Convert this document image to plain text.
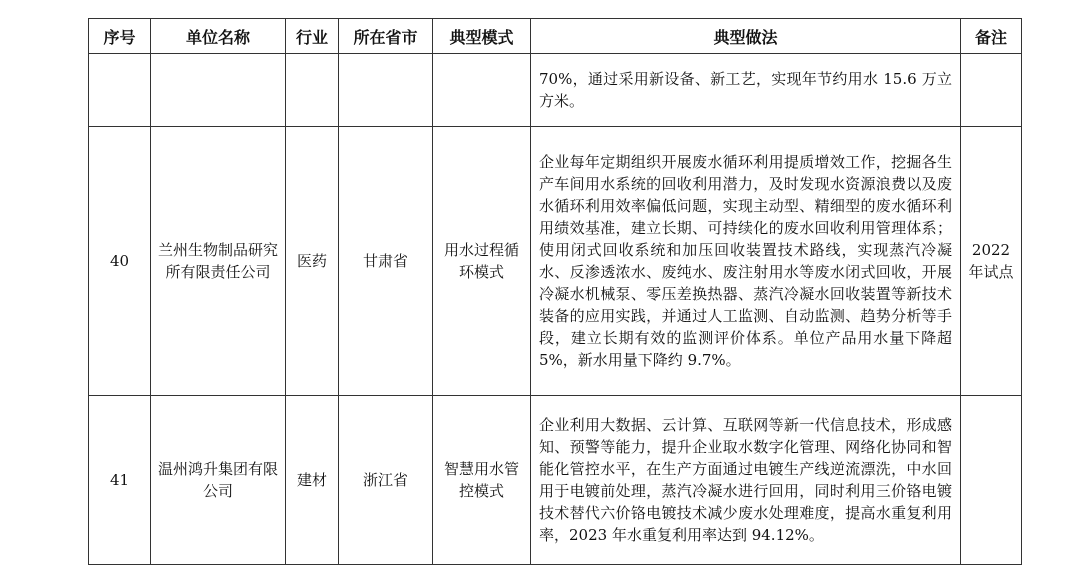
序号	单位名称	行业	所在省市	典型模式	典型做法	备注
					70%，通过采用新设备、新工艺，实现年节约用水 15.6 万立方米。	
40	兰州生物制品研究所有限责任公司	医药	甘肃省	用水过程循环模式	企业每年定期组织开展废水循环利用提质增效工作，挖掘各生产车间用水系统的回收利用潜力，及时发现水资源浪费以及废水循环利用效率偏低问题，实现主动型、精细型的废水循环利用绩效基准，建立长期、可持续化的废水回收利用管理体系；使用闭式回收系统和加压回收装置技术路线，实现蒸汽冷凝水、反渗透浓水、废纯水、废注射用水等废水闭式回收，开展冷凝水机械泵、零压差换热器、蒸汽冷凝水回收装置等新技术装备的应用实践，并通过人工监测、自动监测、趋势分析等手段，建立长期有效的监测评价体系。单位产品用水量下降超 5%，新水用量下降约 9.7%。	2022 年试点
41	温州鸿升集团有限公司	建材	浙江省	智慧用水管控模式	企业利用大数据、云计算、互联网等新一代信息技术，形成感知、预警等能力，提升企业取水数字化管理、网络化协同和智能化管控水平，在生产方面通过电镀生产线逆流漂洗，中水回用于电镀前处理，蒸汽冷凝水进行回用，同时利用三价铬电镀技术替代六价铬电镀技术减少废水处理难度，提高水重复利用率，2023 年水重复利用率达到 94.12%。	
